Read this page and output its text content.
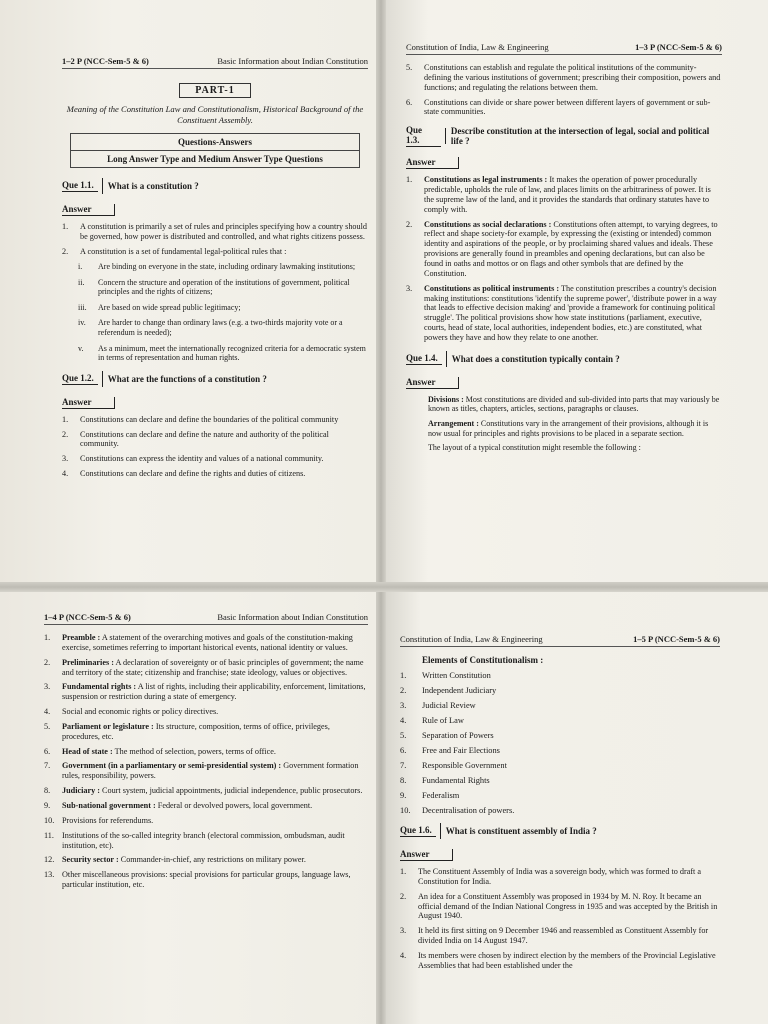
1–2 P (NCC-Sem-5 & 6)	Basic Information about Indian Constitution
PART-1

Meaning of the Constitution Law and Constitutionalism, Historical Background of the Constituent Assembly.

Questions-Answers
Long Answer Type and Medium Answer Type Questions
Que 1.1.	What is a constitution ?
Answer
1.	A constitution is primarily a set of rules and principles specifying how a country should be governed, how power is distributed and controlled, and what rights citizens possess.
2.	A constitution is a set of fundamental legal-political rules that :
i.	Are binding on everyone in the state, including ordinary lawmaking institutions;
ii.	Concern the structure and operation of the institutions of government, political principles and the rights of citizens;
iii.	Are based on wide spread public legitimacy;
iv.	Are harder to change than ordinary laws (e.g. a two-thirds majority vote or a referendum is needed);
v.	As a minimum, meet the internationally recognized criteria for a democratic system in terms of representation and human rights.
Que 1.2.	What are the functions of a constitution ?
Answer
1.	Constitutions can declare and define the boundaries of the political community
2.	Constitutions can declare and define the nature and authority of the political community.
3.	Constitutions can express the identity and values of a national community.
4.	Constitutions can declare and define the rights and duties of citizens.
Constitution of India, Law & Engineering	1–3 P (NCC-Sem-5 & 6)
5.	Constitutions can establish and regulate the political institutions of the community- defining the various institutions of government; prescribing their composition, powers and functions; and regulating the relations between them.
6.	Constitutions can divide or share power between different layers of government or sub-state communities.
Que 1.3.
Describe constitution at the intersection of legal, social and political life ?
Answer
1.	Constitutions as legal instruments : It makes the operation of power procedurally predictable, upholds the rule of law, and places limits on the arbitrariness of power. It is the supreme law of the land, and it provides the standards that ordinary statutes have to comply with.
2.	Constitutions as social declarations : Constitutions often attempt, to varying degrees, to reflect and shape society-for example, by expressing the (existing or intended) common identity and aspirations of the people, or by proclaiming shared values and ideals. These provisions are generally found in preambles and opening declarations, but can also be found in oaths and mottos or on flags and other symbols that are defined by the Constitution.
3.	Constitutions as political instruments : The constitution prescribes a country's decision making institutions: constitutions 'identify the supreme power', 'distribute power in a way that leads to effective decision making' and 'provide a framework for continuing political struggle'. The political provisions show how state institutions (parliament, executive, courts, head of state, local authorities, independent bodies, etc.) are constituted, what powers they have and how they relate to one another.
Que 1.4.	What does a constitution typically contain ?
Answer

Divisions : Most constitutions are divided and sub-divided into parts that may variously be known as titles, chapters, articles, sections, paragraphs or clauses.

Arrangement : Constitutions vary in the arrangement of their provisions, although it is now usual for principles and rights provisions to be placed in a separate section.

The layout of a typical constitution might resemble the following :

1–4 P (NCC-Sem-5 & 6)	Basic Information about Indian Constitution
1.	Preamble : A statement of the overarching motives and goals of the constitution-making exercise, sometimes referring to important historical events, national identity or values.
2.	Preliminaries : A declaration of sovereignty or of basic principles of government; the name and territory of the state; citizenship and franchise; state ideology, values or objectives.
3.	Fundamental rights : A list of rights, including their applicability, enforcement, limitations, suspension or restriction during a state of emergency.
4.	Social and economic rights or policy directives.
5.	Parliament or legislature : Its structure, composition, terms of office, privileges, procedures, etc.
6.	Head of state : The method of selection, powers, terms of office.
7.	Government (in a parliamentary or semi-presidential system) : Government formation rules, responsibility, powers.
8.	Judiciary : Court system, judicial appointments, judicial independence, public prosecutors.
9.	Sub-national government : Federal or devolved powers, local government.
10. Provisions for referendums.
11. Institutions of the so-called integrity branch (electoral commission, ombudsman, audit institution, etc).
12. Security sector : Commander-in-chief, any restrictions on military power.
13. Other miscellaneous provisions: special provisions for particular groups, language laws, particular institution, etc.
Constitution of India, Law & Engineering	1–5 P (NCC-Sem-5 & 6)
Elements of Constitutionalism :
1.	Written Constitution
2.	Independent Judiciary
3.	Judicial Review
4.	Rule of Law
5.	Separation of Powers
6.	Free and Fair Elections
7.	Responsible Government
8.	Fundamental Rights
9.	Federalism
10.	Decentralisation of powers.
Que 1.6.	What is constituent assembly of India ?
Answer
1.	The Constituent Assembly of India was a sovereign body, which was formed to draft a Constitution for India.
2.	An idea for a Constituent Assembly was proposed in 1934 by M. N. Roy. It became an official demand of the Indian National Congress in 1935 and was accepted by the British in August 1940.
3.	It held its first sitting on 9 December 1946 and reassembled as Constituent Assembly for divided India on 14 August 1947.
4.	Its members were chosen by indirect election by the members of the Provincial Legislative Assemblies that had been established under the
